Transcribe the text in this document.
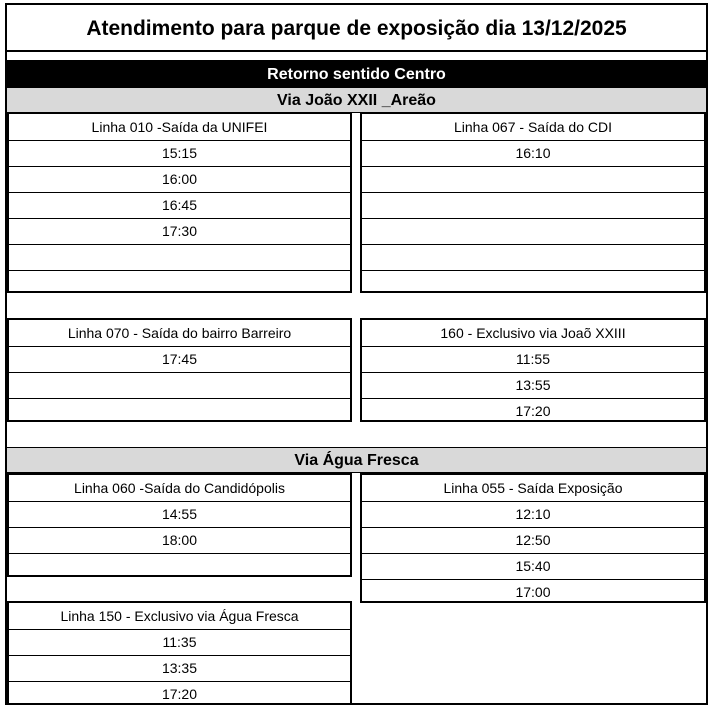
Atendimento para parque de exposição dia 13/12/2025
Retorno sentido Centro
Via João XXII _Areão
Via Água Fresca
Linha 010 -Saída da UNIFEI
15:15
16:00
16:45
17:30
Linha 067 - Saída do CDI
16:10
Linha 070 - Saída do bairro Barreiro
17:45
160 - Exclusivo via Joaõ XXIII
11:55
13:55
17:20
Linha 060 -Saída do Candidópolis
14:55
18:00
Linha 055 - Saída Exposição
12:10
12:50
15:40
17:00
Linha 150 - Exclusivo via Água Fresca
11:35
13:35
17:20
